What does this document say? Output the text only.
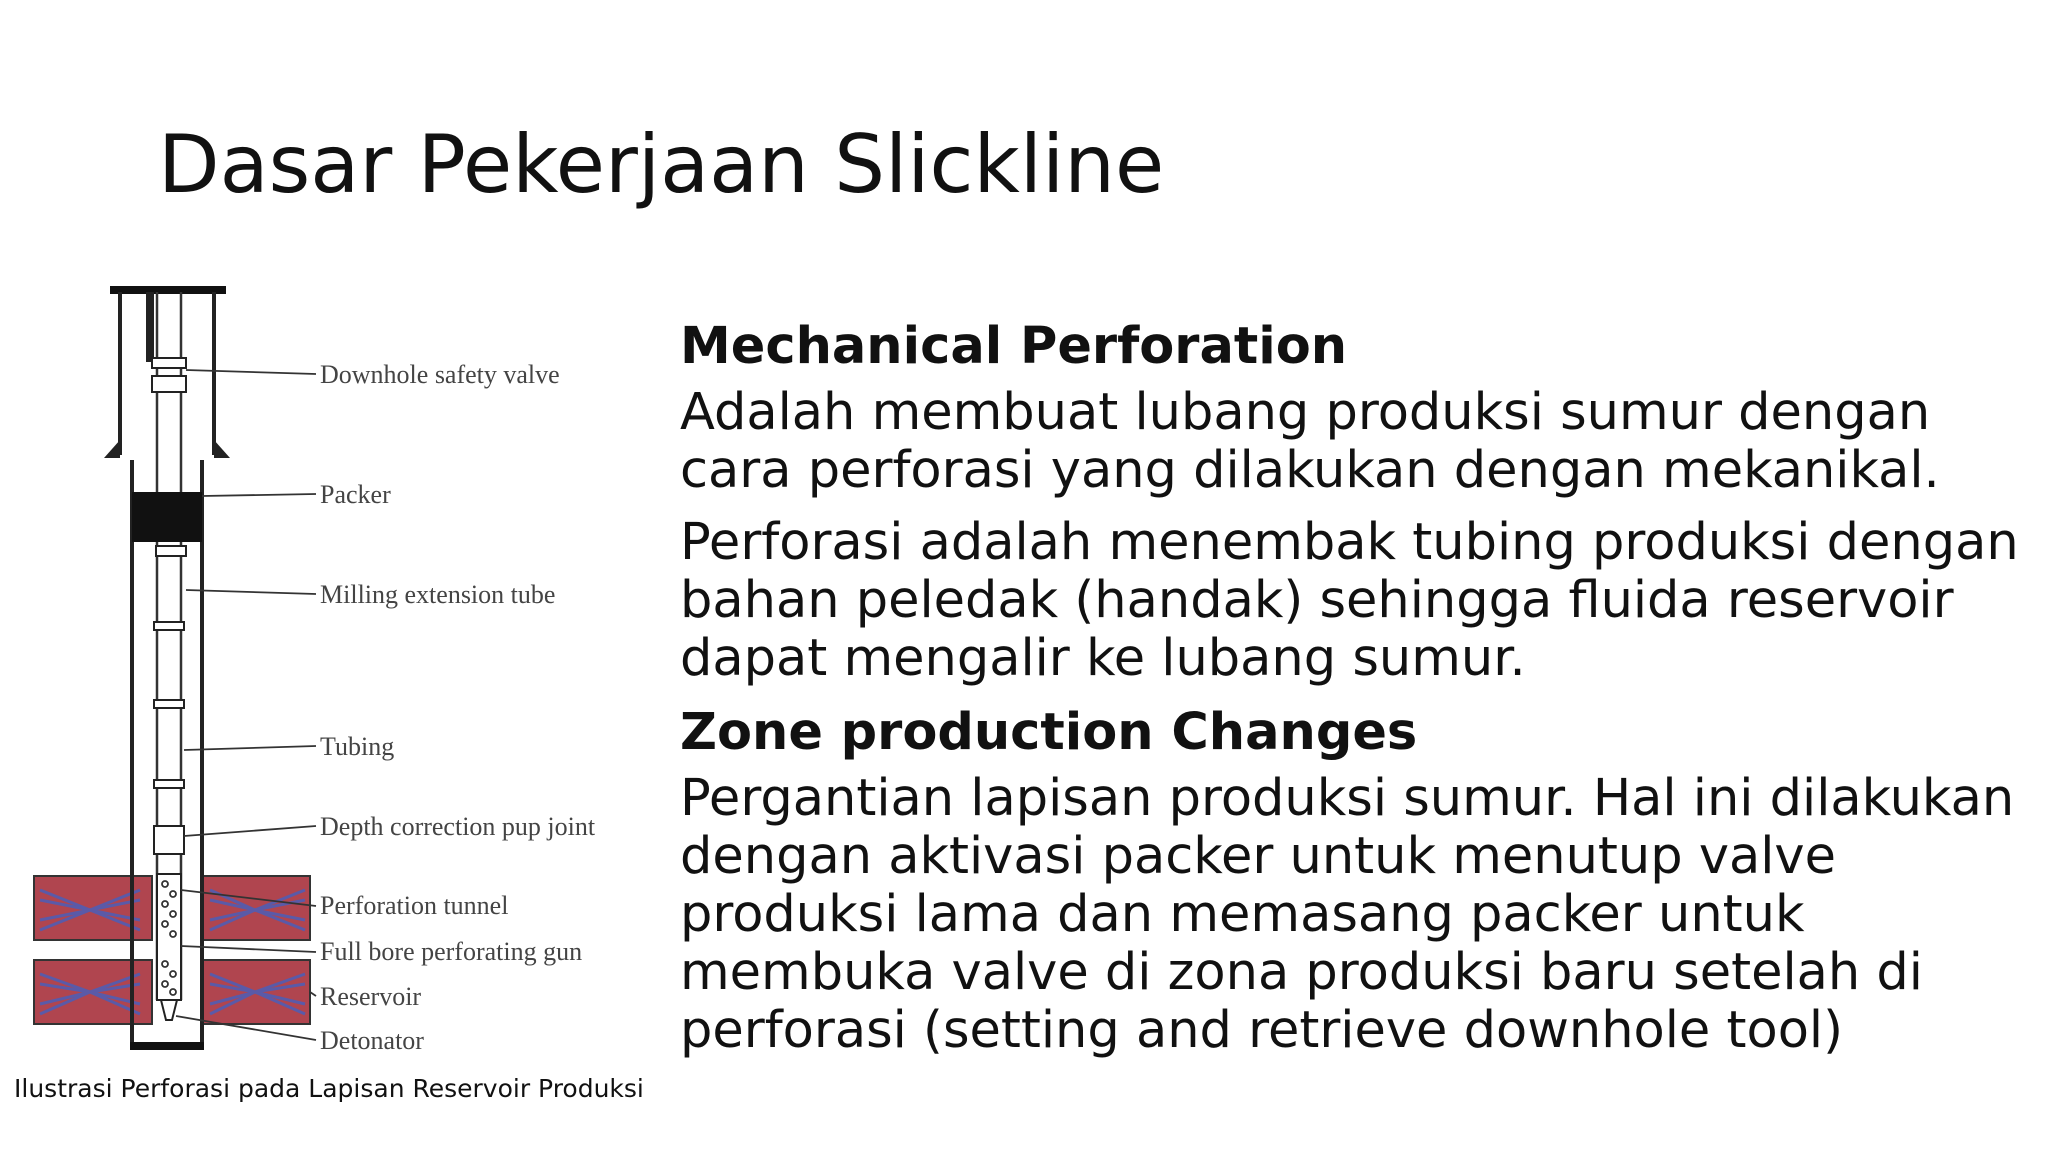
Dasar Pekerjaan Slickline
Downhole safety valve
Packer
Milling extension tube
Tubing
Depth correction pup joint
Perforation tunnel
Full bore perforating gun
Reservoir
Detonator
Ilustrasi Perforasi pada Lapisan Reservoir Produksi
Mechanical Perforation

Adalah membuat lubang produksi sumur dengan cara perforasi yang dilakukan dengan mekanikal.

Perforasi adalah menembak tubing produksi dengan bahan peledak (handak) sehingga fluida reservoir dapat mengalir ke lubang sumur.

Zone production Changes

Pergantian lapisan produksi sumur. Hal ini dilakukan dengan aktivasi packer untuk menutup valve produksi lama dan memasang packer untuk membuka valve di zona produksi baru setelah di perforasi (setting and retrieve downhole tool)
